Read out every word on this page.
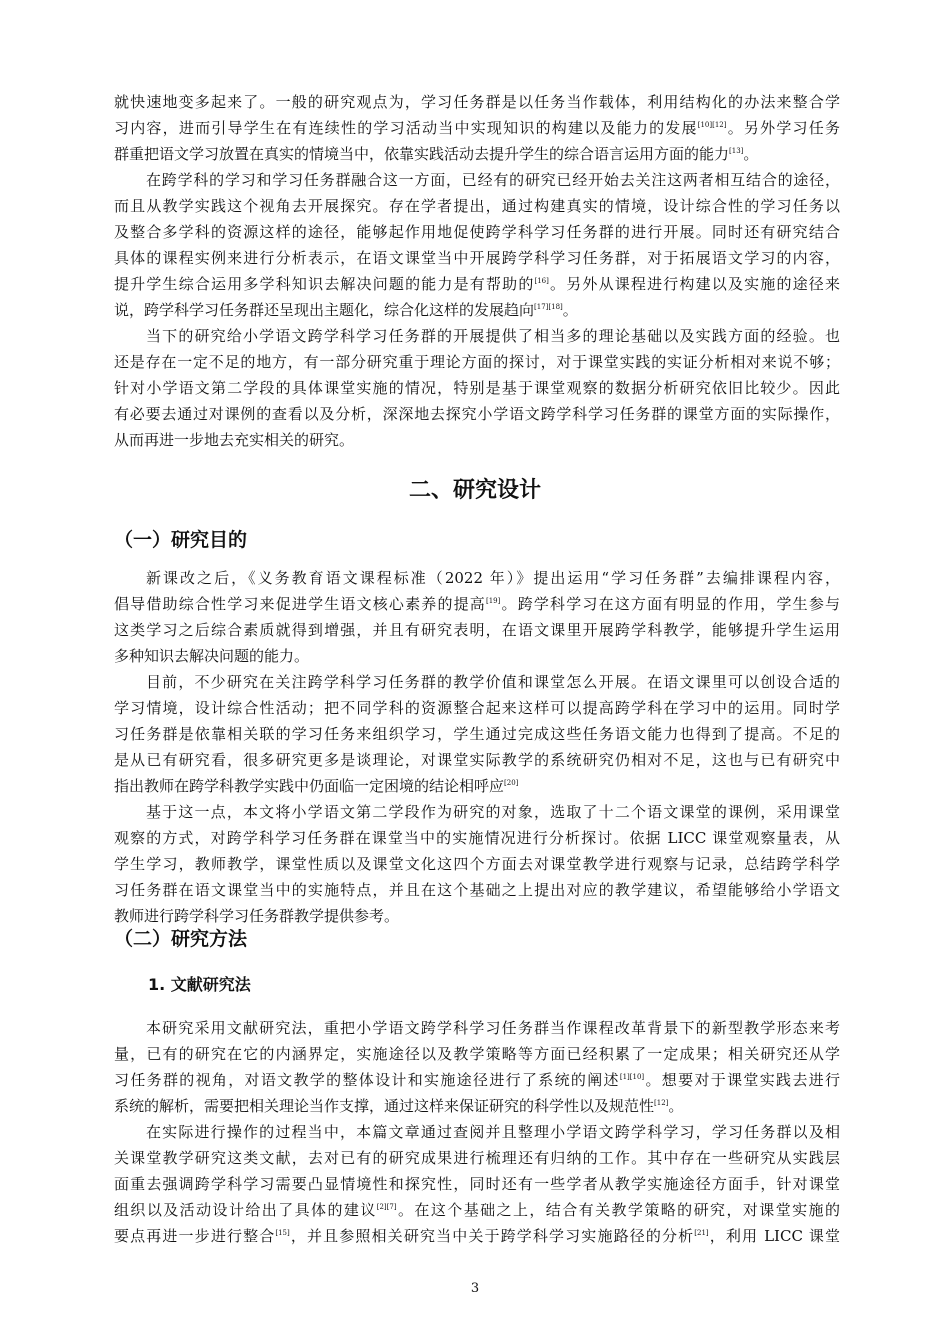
就快速地变多起来了。一般的研究观点为，学习任务群是以任务当作载体，利用结构化的办法来整合学
习内容，进而引导学生在有连续性的学习活动当中实现知识的构建以及能力的发展[10][12]。另外学习任务
群重把语文学习放置在真实的情境当中，依靠实践活动去提升学生的综合语言运用方面的能力[13]。
在跨学科的学习和学习任务群融合这一方面，已经有的研究已经开始去关注这两者相互结合的途径，
而且从教学实践这个视角去开展探究。存在学者提出，通过构建真实的情境，设计综合性的学习任务以
及整合多学科的资源这样的途径，能够起作用地促使跨学科学习任务群的进行开展。同时还有研究结合
具体的课程实例来进行分析表示，在语文课堂当中开展跨学科学习任务群，对于拓展语文学习的内容，
提升学生综合运用多学科知识去解决问题的能力是有帮助的[16]。另外从课程进行构建以及实施的途径来
说，跨学科学习任务群还呈现出主题化，综合化这样的发展趋向[17][18]。
当下的研究给小学语文跨学科学习任务群的开展提供了相当多的理论基础以及实践方面的经验。也
还是存在一定不足的地方，有一部分研究重于理论方面的探讨，对于课堂实践的实证分析相对来说不够；
针对小学语文第二学段的具体课堂实施的情况，特别是基于课堂观察的数据分析研究依旧比较少。因此
有必要去通过对课例的查看以及分析，深深地去探究小学语文跨学科学习任务群的课堂方面的实际操作，
从而再进一步地去充实相关的研究。
二、研究设计
（一）研究目的
新课改之后，《义务教育语文课程标准（2022 年）》提出运用“学习任务群”去编排课程内容，
倡导借助综合性学习来促进学生语文核心素养的提高[19]。跨学科学习在这方面有明显的作用，学生参与
这类学习之后综合素质就得到增强，并且有研究表明，在语文课里开展跨学科教学，能够提升学生运用
多种知识去解决问题的能力。
目前，不少研究在关注跨学科学习任务群的教学价值和课堂怎么开展。在语文课里可以创设合适的
学习情境，设计综合性活动；把不同学科的资源整合起来这样可以提高跨学科在学习中的运用。同时学
习任务群是依靠相关联的学习任务来组织学习，学生通过完成这些任务语文能力也得到了提高。不足的
是从已有研究看，很多研究更多是谈理论，对课堂实际教学的系统研究仍相对不足，这也与已有研究中
指出教师在跨学科教学实践中仍面临一定困境的结论相呼应[20]
基于这一点，本文将小学语文第二学段作为研究的对象，选取了十二个语文课堂的课例，采用课堂
观察的方式，对跨学科学习任务群在课堂当中的实施情况进行分析探讨。依据 LICC 课堂观察量表，从
学生学习，教师教学，课堂性质以及课堂文化这四个方面去对课堂教学进行观察与记录，总结跨学科学
习任务群在语文课堂当中的实施特点，并且在这个基础之上提出对应的教学建议，希望能够给小学语文
教师进行跨学科学习任务群教学提供参考。
（二）研究方法
1. 文献研究法
本研究采用文献研究法，重把小学语文跨学科学习任务群当作课程改革背景下的新型教学形态来考
量，已有的研究在它的内涵界定，实施途径以及教学策略等方面已经积累了一定成果；相关研究还从学
习任务群的视角，对语文教学的整体设计和实施途径进行了系统的阐述[1][10]。想要对于课堂实践去进行
系统的解析，需要把相关理论当作支撑，通过这样来保证研究的科学性以及规范性[12]。
在实际进行操作的过程当中，本篇文章通过查阅并且整理小学语文跨学科学习，学习任务群以及相
关课堂教学研究这类文献，去对已有的研究成果进行梳理还有归纳的工作。其中存在一些研究从实践层
面重去强调跨学科学习需要凸显情境性和探究性，同时还有一些学者从教学实施途径方面手，针对课堂
组织以及活动设计给出了具体的建议[2][7]。在这个基础之上，结合有关教学策略的研究，对课堂实施的
要点再进一步进行整合[15]，并且参照相关研究当中关于跨学科学习实施路径的分析[21]，利用 LICC 课堂
3
